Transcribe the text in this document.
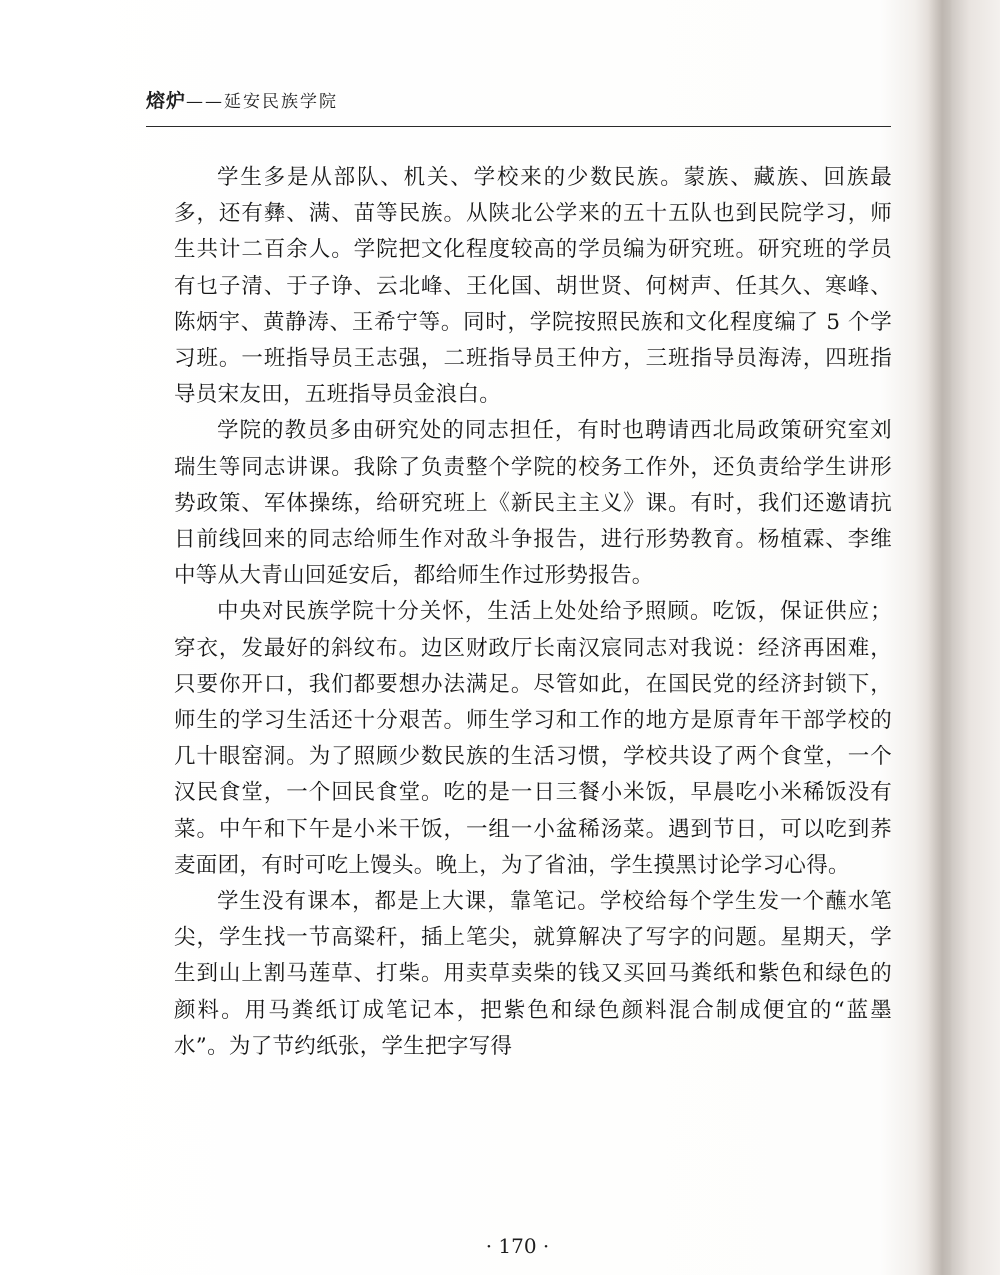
熔炉——延安民族学院

学生多是从部队、机关、学校来的少数民族。蒙族、藏族、回族最多，还有彝、满、苗等民族。从陕北公学来的五十五队也到民院学习，师生共计二百余人。学院把文化程度较高的学员编为研究班。研究班的学员有乜子清、于子诤、云北峰、王化国、胡世贤、何树声、任其久、寒峰、陈炳宇、黄静涛、王希宁等。同时，学院按照民族和文化程度编了 5 个学习班。一班指导员王志强，二班指导员王仲方，三班指导员海涛，四班指导员宋友田，五班指导员金浪白。

学院的教员多由研究处的同志担任，有时也聘请西北局政策研究室刘瑞生等同志讲课。我除了负责整个学院的校务工作外，还负责给学生讲形势政策、军体操练，给研究班上《新民主主义》课。有时，我们还邀请抗日前线回来的同志给师生作对敌斗争报告，进行形势教育。杨植霖、李维中等从大青山回延安后，都给师生作过形势报告。

中央对民族学院十分关怀，生活上处处给予照顾。吃饭，保证供应；穿衣，发最好的斜纹布。边区财政厅长南汉宸同志对我说：经济再困难，只要你开口，我们都要想办法满足。尽管如此，在国民党的经济封锁下，师生的学习生活还十分艰苦。师生学习和工作的地方是原青年干部学校的几十眼窑洞。为了照顾少数民族的生活习惯，学校共设了两个食堂，一个汉民食堂，一个回民食堂。吃的是一日三餐小米饭，早晨吃小米稀饭没有菜。中午和下午是小米干饭，一组一小盆稀汤菜。遇到节日，可以吃到荞麦面团，有时可吃上馒头。晚上，为了省油，学生摸黑讨论学习心得。

学生没有课本，都是上大课，靠笔记。学校给每个学生发一个蘸水笔尖，学生找一节高粱秆，插上笔尖，就算解决了写字的问题。星期天，学生到山上割马莲草、打柴。用卖草卖柴的钱又买回马粪纸和紫色和绿色的颜料。用马粪纸订成笔记本，把紫色和绿色颜料混合制成便宜的“蓝墨水”。为了节约纸张，学生把字写得

· 170 ·
